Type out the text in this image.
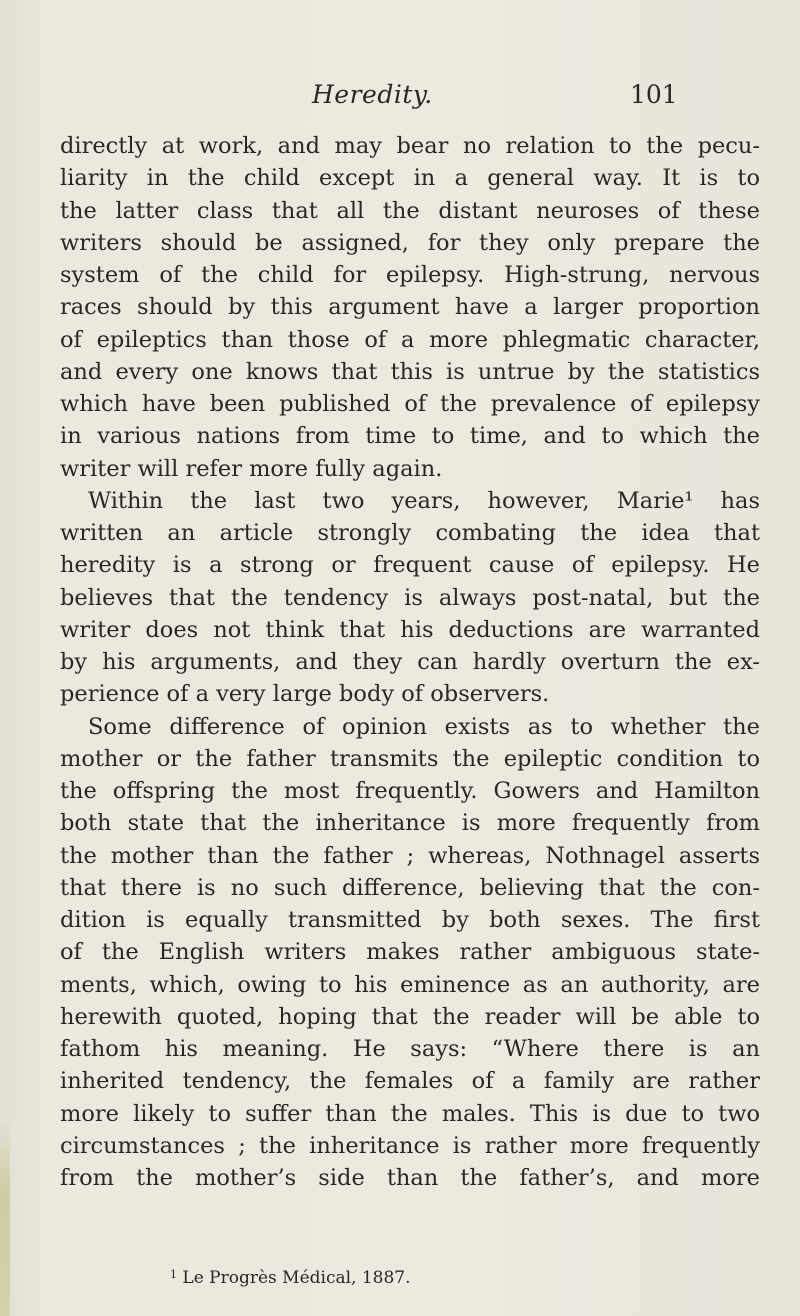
Heredity.	101
directly at work, and may bear no relation to the pecu-
liarity in the child except in a general way. It is to
the latter class that all the distant neuroses of these
writers should be assigned, for they only prepare the
system of the child for epilepsy. High-strung, nervous
races should by this argument have a larger proportion
of epileptics than those of a more phlegmatic character,
and every one knows that this is untrue by the statistics
which have been published of the prevalence of epilepsy
in various nations from time to time, and to which the
writer will refer more fully again.
Within the last two years, however, Marie¹ has
written an article strongly combating the idea that
heredity is a strong or frequent cause of epilepsy. He
believes that the tendency is always post-natal, but the
writer does not think that his deductions are warranted
by his arguments, and they can hardly overturn the ex-
perience of a very large body of observers.
Some difference of opinion exists as to whether the
mother or the father transmits the epileptic condition to
the offspring the most frequently. Gowers and Hamilton
both state that the inheritance is more frequently from
the mother than the father ; whereas, Nothnagel asserts
that there is no such difference, believing that the con-
dition is equally transmitted by both sexes. The first
of the English writers makes rather ambiguous state-
ments, which, owing to his eminence as an authority, are
herewith quoted, hoping that the reader will be able to
fathom his meaning. He says: “Where there is an
inherited tendency, the females of a family are rather
more likely to suffer than the males. This is due to two
circumstances ; the inheritance is rather more frequently
from the mother’s side than the father’s, and more
$^1$ Le Progrès Médical, 1887.
